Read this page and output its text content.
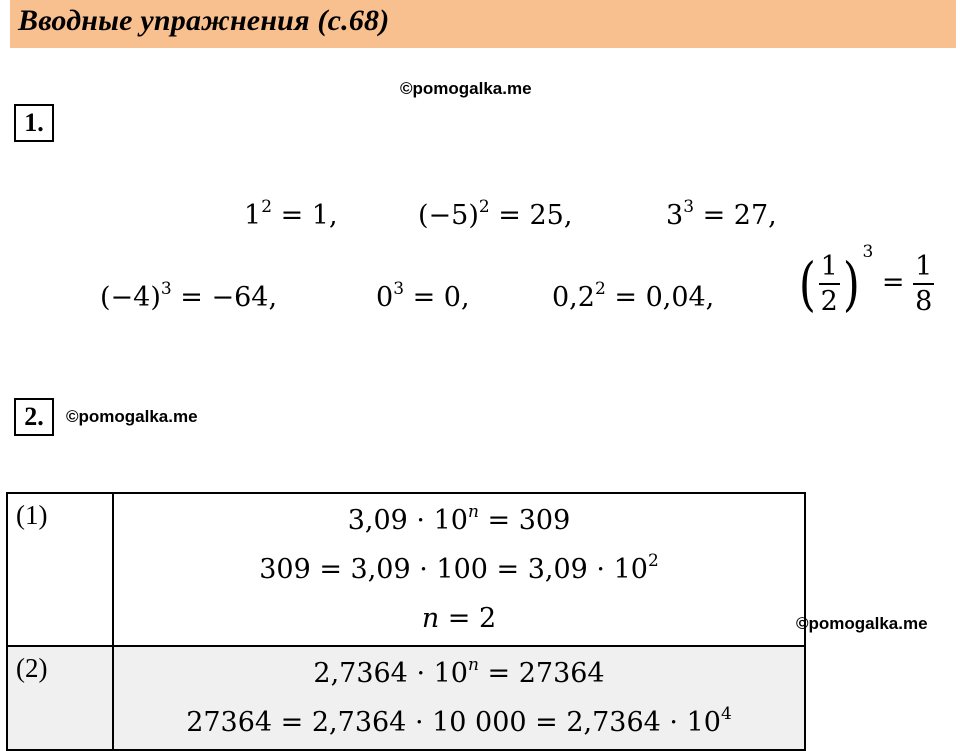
Вводные упражнения (с.68)
©pomogalka.me
©pomogalka.me
©pomogalka.me
1.
$1^2 = 1$,	$(-5)^2 = 25$,	$3^3 = 27$,
$(-4)^3 = -64$,	$0^3 = 0$,	$0,2^2 = 0,04$, ( $\frac{1}{2}$ ) $^3 = \frac{1}{8}$
2.
(1)	$3,09 \cdot 10^n = 309$
$309 = 3,09 \cdot 100 = 3,09 \cdot 10^2$
n = 2

(2)	$2,7364 \cdot 10^n = 27364$
27364 = 2,7364 · 10 $000 = 2,7364 \cdot 10^4$
